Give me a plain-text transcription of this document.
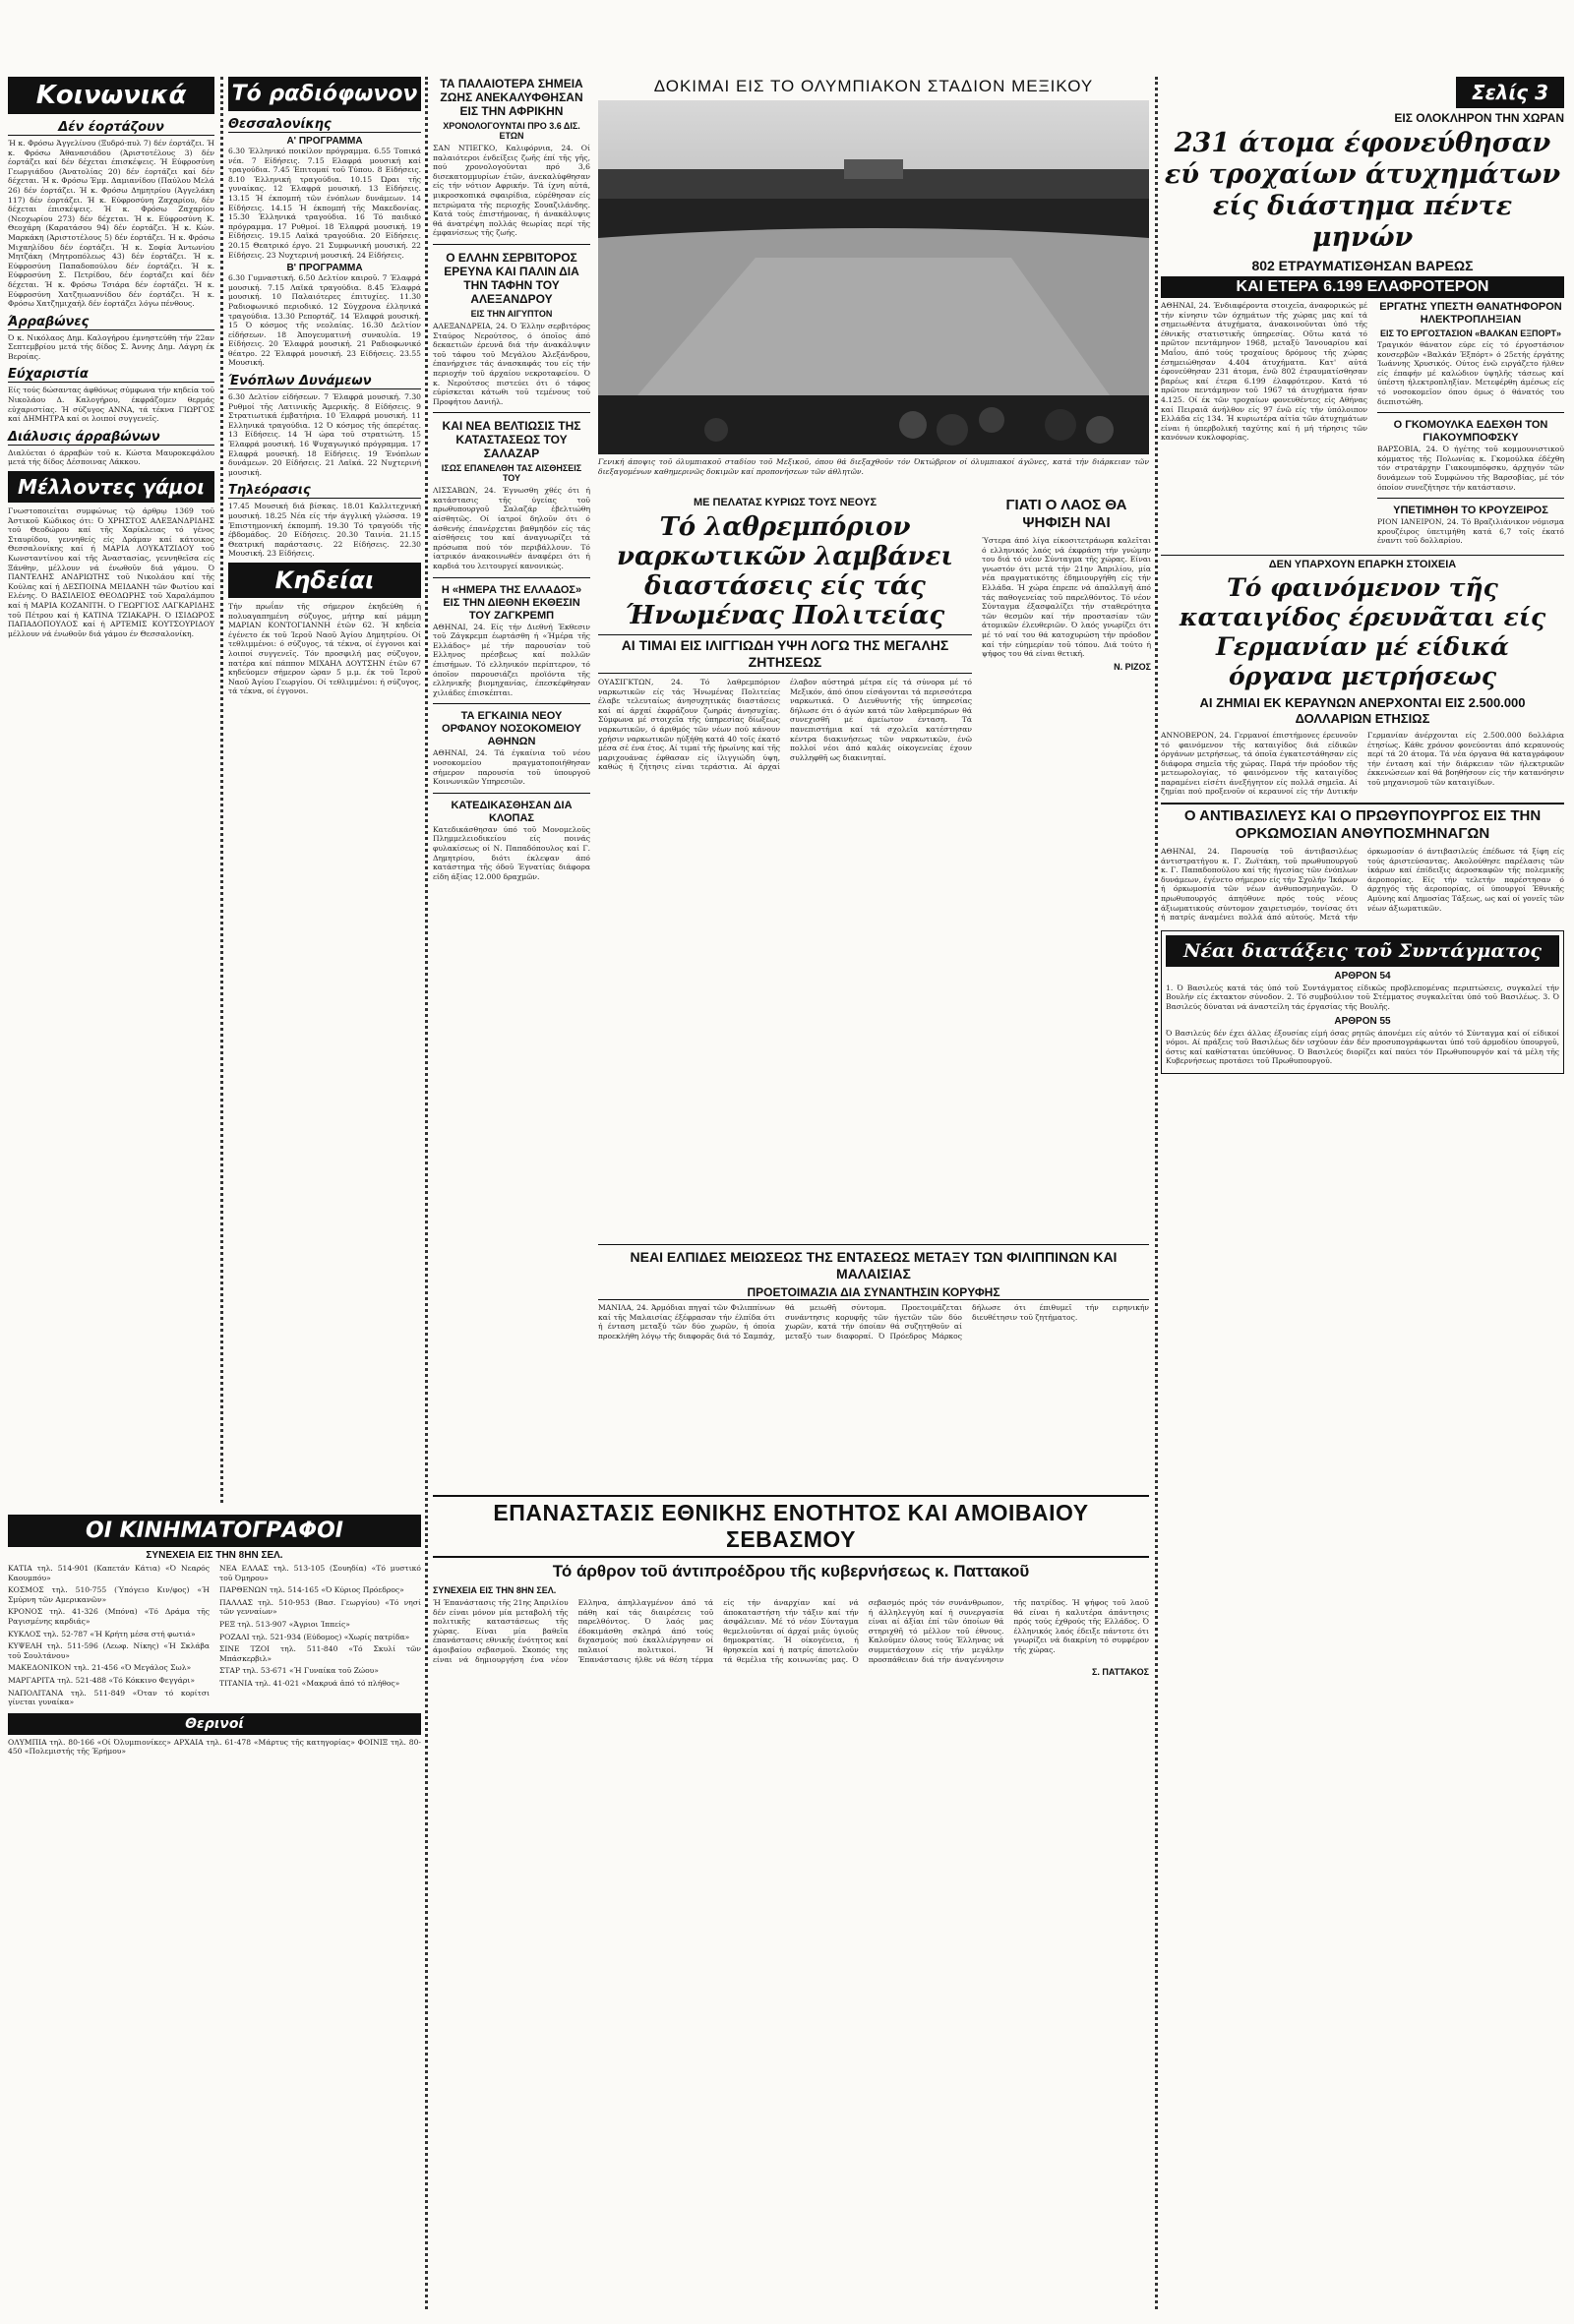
Κοινωνικά
Δέν έορτάζουν

Ή κ. Φρόσω Άγγελίνου (Ξυδρό-πυλ 7) δέν έορτάζει. Ή κ. Φρόσω Άθανασιάδου (Άριστοτέλους 3) δέν έορτάζει καί δέν δέχεται έπισκέψεις. Ή Εύφροσύνη Γεωργιάδου (Άνατολίας 20) δέν έορτάζει καί δέν δέχεται. Ή κ. Φρόσω Έμμ. Δαμιανίδου (Παύλου Μελά 26) δέν έορτάζει. Ή κ. Φρόσω Δημητρίου (Άγγελάκη 117) δέν έορτάζει. Ή κ. Εύφροσύνη Ζαχαρίου, δέν δέχεται έπισκέψεις. Ή κ. Φρόσω Ζαχαρίου (Νεοχωρίου 273) δέν δέχεται. Ή κ. Εύφροσύνη Κ. Θεοχάρη (Καρατάσου 94) δέν έορτάζει. Ή κ. Κών. Μαρκάκη (Άριστοτέλους 5) δέν έορτάζει. Ή κ. Φρόσω Μιχαηλίδου δέν έορτάζει. Ή κ. Σοφία Άντωνίου Μητζάκη (Μητροπόλεως 43) δέν έορτάζει. Ή κ. Εύφροσύνη Παπαδοπούλου δέν έορτάζει. Ή κ. Εύφροσύνη Σ. Πετρίδου, δέν έορτάζει καί δέν δέχεται. Ή κ. Φρόσω Τσιάρα δέν έορτάζει. Ή κ. Εύφροσύνη Χατζηιωαννίδου δέν έορτάζει. Ή κ. Φρόσω Χατζημιχαήλ δέν έορτάζει λόγω πένθους.

Άρραβώνες

Ό κ. Νικόλαος Δημ. Καλογήρου έμνηστεύθη τήν 22αν Σεπτεμβρίου μετά τής δίδος Σ. Άννης Δημ. Λάγρη έκ Βεροίας.

Εύχαριστία

Είς τούς δώσαντας άφθόνως σύμφωνα τήν κηδεία τοῦ Νικολάου Δ. Καλογήρου, έκφράζομεν θερμάς εὐχαριστίας. Ή σύζυγος ΑΝΝΑ, τά τέκνα ΓΙΩΡΓΟΣ καί ΔΗΜΗΤΡΑ καί οι λοιποί συγγενεῖς.

Διάλυσις άρραβώνων

Διαλύεται ό άρραβών τοῦ κ. Κώστα Μαυροκεφάλου μετά τής δίδος Δέσποινας Λάκκου.

Μέλλοντες γάμοι

Γνωστοποιείται συμφώνως τῷ άρθρῳ 1369 τοῦ Άστικοῦ Κώδικος ότι: Ό ΧΡΗΣΤΟΣ ΑΛΕΞΑΝΔΡΙΔΗΣ τοῦ Θεοδώρου καί τῆς Χαρίκλειας τό γένος Σταυρίδου, γεννηθείς είς Δράμαν καί κάτοικος Θεσσαλονίκης καί ή ΜΑΡΙΑ ΛΟΥΚΑΤΖΙΔΟΥ τοῦ Κωνσταντίνου καί τῆς Άναστασίας, γεννηθεῖσα είς Ξάνθην, μέλλουν νά ένωθοῦν διά γάμου. Ό ΠΑΝΤΕΛΗΣ ΑΝΔΡΙΩΤΗΣ τοῦ Νικολάου καί τῆς Κούλας καί ή ΔΕΣΠΟΙΝΑ ΜΕΙΔΑΝΗ τῶν Φωτίου καί Ελένης. Ό ΒΑΣΙΛΕΙΟΣ ΘΕΟΔΩΡΗΣ τοῦ Χαραλάμπου καί ή ΜΑΡΙΑ ΚΟΖΑΝΙΤΗ. Ό ΓΕΩΡΓΙΟΣ ΛΑΓΚΑΡΙΔΗΣ τοῦ Πέτρου καί ή ΚΑΤΙΝΑ ΤΖΙΑΚΑΡΗ. Ό ΙΣΙΔΩΡΟΣ ΠΑΠΑΔΟΠΟΥΛΟΣ καί ή ΑΡΤΕΜΙΣ ΚΟΥΤΣΟΥΡΙΔΟΥ μέλλουν νά ένωθοῦν διά γάμου έν Θεσσαλονίκη.

Τό ραδιόφωνον
Θεσσαλονίκης
Α' ΠΡΟΓΡΑΜΜΑ

6.30 Έλληνικό ποικίλον πρόγραμμα. 6.55 Τοπικά νέα. 7 Είδήσεις. 7.15 Ελαφρά μουσική καί τραγούδια. 7.45 Έπιτομαί τοῦ Τύπου. 8 Είδήσεις. 8.10 Έλληνική τραγούδια. 10.15 Ώραι τῆς γυναίκας. 12 Έλαφρά μουσική. 13 Είδήσεις. 13.15 Ή έκπομπή τῶν ένόπλων δυνάμεων. 14 Είδήσεις. 14.15 Ή έκπομπή τῆς Μακεδονίας. 15.30 Έλληνικά τραγούδια. 16 Τό παιδικό πρόγραμμα. 17 Ρυθμοί. 18 Έλαφρά μουσική. 19 Είδήσεις. 19.15 Λαϊκά τραγούδια. 20 Είδήσεις. 20.15 Θεατρικό έργο. 21 Συμφωνική μουσική. 22 Είδήσεις. 23 Νυχτερινή μουσική. 24 Είδήσεις.

Β' ΠΡΟΓΡΑΜΜΑ

6.30 Γυμναστική. 6.50 Δελτίον καιροῦ. 7 Έλαφρά μουσική. 7.15 Λαϊκά τραγούδια. 8.45 Έλαφρά μουσική. 10 Παλαιότερες έπιτυχίες. 11.30 Ραδιοφωνικό περιοδικό. 12 Σύγχρονα έλληνικά τραγούδια. 13.30 Ρεπορτάζ. 14 Έλαφρά μουσική. 15 Ό κόσμος τῆς νεολαίας. 16.30 Δελτίον είδήσεων. 18 Άπογευματινή συναυλία. 19 Είδήσεις. 20 Έλαφρά μουσική. 21 Ραδιοφωνικό θέατρο. 22 Έλαφρά μουσική. 23 Είδήσεις. 23.55 Μουσική.

Ένόπλων Δυνάμεων

6.30 Δελτίον είδήσεων. 7 Έλαφρά μουσική. 7.30 Ρυθμοί τῆς Λατινικῆς Άμερικῆς. 8 Είδήσεις. 9 Στρατιωτικά έμβατήρια. 10 Έλαφρά μουσική. 11 Ελληνικά τραγούδια. 12 Ό κόσμος τῆς όπερέτας. 13 Είδήσεις. 14 Ή ώρα τοῦ στρατιώτη. 15 Έλαφρά μουσική. 16 Ψυχαγωγικό πρόγραμμα. 17 Ελαφρά μουσική. 18 Είδήσεις. 19 Ένόπλων δυνάμεων. 20 Είδήσεις. 21 Λαϊκά. 22 Νυχτερινή μουσική.

Τηλεόρασις

17.45 Μουσική διά βίσκας. 18.01 Καλλιτεχνική μουσική. 18.25 Νέα είς τήν άγγλική γλώσσα. 19 Έπιστημονική έκπομπή. 19.30 Τό τραγούδι τῆς έβδομάδος. 20 Είδήσεις. 20.30 Ταινία. 21.15 Θεατρική παράστασις. 22 Είδήσεις. 22.30 Μουσική. 23 Είδήσεις.

Κηδείαι

Τήν πρωΐαν τῆς σήμερον ἐκηδεύθη ή πολυαγαπημένη σύζυγος, μήτηρ καί μάμμη ΜΑΡΙΑΝ ΚΟΝΤΟΓΙΑΝΝΗ έτῶν 62. Ή κηδεία έγένετο έκ τοῦ Ίεροῦ Ναοῦ Άγίου Δημητρίου. Οί τεθλιμμένοι: ό σύζυγος, τά τέκνα, οί έγγονοι καί λοιποί συγγενεῖς. Τόν προσφιλή μας σύζυγον, πατέρα καί πάππον ΜΙΧΑΗΛ ΔΟΥΤΣΗΝ έτῶν 67 κηδεύομεν σήμερον ώραν 5 μ.μ. έκ τοῦ Ίεροῦ Ναοῦ Άγίου Γεωργίου. Οί τεθλιμμένοι: ή σύζυγος, τά τέκνα, οί έγγονοι.

ΟΙ ΚΙΝΗΜΑΤΟΓΡΑΦΟΙ
ΣΥΝΕΧΕΙΑ ΕΙΣ ΤΗΝ 8ΗΝ ΣΕΛ.
ΚΑΤΙΑ τηλ. 514-901 (Καπετάν Κάτια) «Ό Νεαρός Καουμπόυ»
ΚΟΣΜΟΣ τηλ. 510-755 (Ύπόγειο Κιν/φος) «Ή Σμύρνη τῶν Αμερικανῶν»
ΚΡΟΝΟΣ τηλ. 41-326 (Μπόνα) «Τό Δράμα τῆς Ραγισμένης καρδιάς»
ΚΥΚΛΟΣ τηλ. 52-787 «Ή Κρήτη μέσα στή φωτιά»
ΚΥΨΕΛΗ τηλ. 511-596 (Λεωφ. Νίκης) «Ή Σκλάβα τοῦ Σουλτάνου»
ΜΑΚΕΔΟΝΙΚΟΝ τηλ. 21-456 «Ό Μεγάλος Σωλ»
ΜΑΡΓΑΡΙΤΑ τηλ. 521-488 «Τό Κόκκινο Φεγγάρι»
ΝΑΠΟΛΙΤΑΝΑ τηλ. 511-849 «Όταν τό κορίτσι γίνεται γυναίκα»
ΝΕΑ ΕΛΛΑΣ τηλ. 513-105 (Σουηδία) «Τό μυστικό τοῦ Όμηρου»
ΠΑΡΘΕΝΩΝ τηλ. 514-165 «Ό Κύριος Πρόεδρος»
ΠΑΛΛΑΣ τηλ. 510-953 (Βασ. Γεωργίου) «Τό νησί τῶν γενναίων»
ΡΕΞ τηλ. 513-907 «Άγριοι Ίππείς»
ΡΟΖΑΛΙ τηλ. 521-934 (Εύδομος) «Χωρίς πατρίδα»
ΣΙΝΕ ΤΖΟΙ τηλ. 511-840 «Τό Σκυλί τῶν Μπάσκερβιλ»
ΣΤΑΡ τηλ. 53-671 «Ή Γυναίκα τοῦ Ζώου»
ΤΙΤΑΝΙΑ τηλ. 41-021 «Μακρυά ἀπό τό πλήθος»
Θερινοί

ΟΛΥΜΠΙΑ τηλ. 80-166 «Οί Όλυμπιονίκες» ΑΡΧΑΙΑ τηλ. 61-478 «Μάρτυς τῆς κατηγορίας» ΦΟΙΝΙΞ τηλ. 80-450 «Πολεμιστής τῆς Έρήμου»

ΤΑ ΠΑΛΑΙΟΤΕΡΑ ΣΗΜΕΙΑ ΖΩΗΣ ΑΝΕΚΑΛΥΦΘΗΣΑΝ ΕΙΣ ΤΗΝ ΑΦΡΙΚΗΝ
ΧΡΟΝΟΛΟΓΟΥΝΤΑΙ ΠΡΟ 3.6 ΔΙΣ. ΕΤΩΝ

ΣΑΝ ΝΤΙΕΓΚΟ, Καλιφόρνια, 24. Οί παλαιότεροι ένδείξεις ζωῆς έπί τῆς γῆς, πού χρονολογοῦνται πρό 3,6 δισεκατομμυρίων έτῶν, άνεκαλύφθησαν είς τήν νότιον Αφρικήν. Τά ίχνη αὐτά, μικροσκοπικά σφαιρίδια, εύρέθησαν είς πετρώματα τῆς περιοχῆς Σουαζιλάνδης. Κατά τούς ἐπιστήμονας, ή άνακάλυψις θά άνατρέψη πολλάς θεωρίας περί τῆς έμφανίσεως τῆς ζωής.

Ο ΕΛΛΗΝ ΣΕΡΒΙΤΟΡΟΣ ΕΡΕΥΝΑ ΚΑΙ ΠΑΛΙΝ ΔΙΑ ΤΗΝ ΤΑΦΗΝ ΤΟΥ ΑΛΕΞΑΝΔΡΟΥ
ΕΙΣ ΤΗΝ ΑΙΓΥΠΤΟΝ

ΑΛΕΞΑΝΔΡΕΙΑ, 24. Ό Έλλην σερβιτόρος Σταύρος Νερούτσος, ό όποῖος άπό δεκαετιῶν έρευνᾶ διά τήν άνακάλυψιν τοῦ τάφου τοῦ Μεγάλου Άλεξάνδρου, έπανήρχισε τάς άνασκαφάς του είς τήν περιοχήν τοῦ άρχαίου νεκροταφείου. Ό κ. Νερούτσος πιστεύει ότι ό τάφος εύρίσκεται κάτωθι τοῦ τεμένους τοῦ Προφήτου Δανιήλ.

ΚΑΙ ΝΕΑ ΒΕΛΤΙΩΣΙΣ ΤΗΣ ΚΑΤΑΣΤΑΣΕΩΣ ΤΟΥ ΣΑΛΑΖΑΡ
ΙΣΩΣ ΕΠΑΝΕΛΘΗ ΤΑΣ ΑΙΣΘΗΣΕΙΣ ΤΟΥ

ΛΙΣΣΑΒΩΝ, 24. Έγνωσθη χθές ότι ή κατάστασις τῆς ύγείας τοῦ πρωθυπουργοῦ Σαλαζάρ ἐβελτιώθη αίσθητῶς. Οί ίατροί δηλοῦν ότι ό άσθενής έπανέρχεται βαθμηδόν είς τάς αίσθήσεις του καί άναγνωρίζει τά πρόσωπα πού τόν περιβάλλουν. Τό ίατρικόν άνακοινωθέν άναφέρει ότι ή καρδιά του λειτουργεί κανονικώς.

Η «ΗΜΕΡΑ ΤΗΣ ΕΛΛΑΔΟΣ» ΕΙΣ ΤΗΝ ΔΙΕΘΝΗ ΕΚΘΕΣΙΝ ΤΟΥ ΖΑΓΚΡΕΜΠ

ΑΘΗΝΑΙ, 24. Είς τήν Διεθνή Έκθεσιν τοῦ Ζάγκρεμπ έωρτάσθη ή «Ήμέρα τῆς Ελλάδος» μέ τήν παρουσίαν τοῦ Ελληνος πρέσβεως καί πολλῶν έπισήμων. Τό ελληνικόν περίπτερον, τό όποῖον παρουσιάζει προϊόντα τῆς ελληνικῆς βιομηχανίας, έπεσκέφθησαν χιλιάδες έπισκέπται.

ΤΑ ΕΓΚΑΙΝΙΑ ΝΕΟΥ ΟΡΦΑΝΟΥ ΝΟΣΟΚΟΜΕΙΟΥ ΑΘΗΝΩΝ

ΑΘΗΝΑΙ, 24. Τά έγκαίνια τοῦ νέου νοσοκομείου πραγματοποιήθησαν σήμερον παρουσία τοῦ ύπουργοῦ Κοινωνικῶν Υπηρεσιῶν.

ΚΑΤΕΔΙΚΑΣΘΗΣΑΝ ΔΙΑ ΚΛΟΠΑΣ

Κατεδικάσθησαν ύπό τοῦ Μονομελοῦς Πλημμελειοδικείου είς ποινάς φυλακίσεως οί Ν. Παπαδόπουλος καί Γ. Δημητρίου, διότι έκλεψαν άπό κατάστημα τῆς όδοῦ Έγνατίας διάφορα είδη άξίας 12.000 δραχμῶν.

ΔΟΚΙΜΑΙ ΕΙΣ ΤΟ ΟΛΥΜΠΙΑΚΟΝ ΣΤΑΔΙΟΝ ΜΕΞΙΚΟΥ

Γενική άποψις τοῦ όλυμπιακοῦ σταδίου τοῦ Μεξικοῦ, όπου θά διεξαχθοῦν τόν Όκτώβριον οί όλυμπιακοί άγῶνες, κατά τήν διάρκειαν τῶν διεξαγομένων καθημερινῶς δοκιμῶν καί προπονήσεων τῶν άθλητῶν.

ΜΕ ΠΕΛΑΤΑΣ ΚΥΡΙΩΣ ΤΟΥΣ ΝΕΟΥΣ
Τό λαθρεμπόριον ναρκωτικῶν λαμβάνει διαστάσεις είς τάς Ήνωμένας Πολιτείας
ΑΙ ΤΙΜΑΙ ΕΙΣ ΙΛΙΓΓΙΩΔΗ ΥΨΗ ΛΟΓΩ ΤΗΣ ΜΕΓΑΛΗΣ ΖΗΤΗΣΕΩΣ

ΟΥΑΣΙΓΚΤΩΝ, 24. Τό λαθρεμπόριον ναρκωτικῶν είς τάς Ήνωμένας Πολιτείας έλαβε τελευταίως άνησυχητικάς διαστάσεις καί αί άρχαί έκφράζουν ζωηράς άνησυχίας. Σύμφωνα μέ στοιχεῖα τῆς ύπηρεσίας δίωξεως ναρκωτικῶν, ό άριθμός τῶν νέων πού κάνουν χρήσιν ναρκωτικῶν ηύξήθη κατά 40 τοῖς έκατό μέσα σέ ένα έτος. Αί τιμαί τῆς ήρωίνης καί τῆς μαριχουάνας έφθασαν είς ίλιγγιώδη ύψη, καθώς ή ζήτησις είναι τεράστια. Αί άρχαί έλαβον αύστηρά μέτρα είς τά σύνορα μέ τό Μεξικόν, άπό όπου είσάγονται τά περισσότερα ναρκωτικά. Ό Διευθυντής τῆς ύπηρεσίας δήλωσε ότι ό άγών κατά τῶν λαθρεμπόρων θά συνεχισθῆ μέ άμείωτον ένταση. Τά πανεπιστήμια καί τά σχολεῖα κατέστησαν κέντρα διακινήσεως τῶν ναρκωτικῶν, ένῶ πολλοί νέοι άπό καλάς οίκογενείας έχουν συλληφθῆ ως διακινηταί.

ΓΙΑΤΙ Ο ΛΑΟΣ ΘΑ ΨΗΦΙΣΗ ΝΑΙ

Ύστερα άπό λίγα είκοσιτετράωρα καλεῖται ό ελληνικός λαός νά έκφράση τήν γνώμην του διά τό νέον Σύνταγμα τῆς χώρας. Είναι γνωστόν ότι μετά τήν 21ην Άπριλίου, μία νέα πραγματικότης έδημιουργήθη είς τήν Ελλάδα. Ή χώρα έπρεπε νά άπαλλαγῆ άπό τάς παθογενείας τοῦ παρελθόντος. Τό νέον Σύνταγμα έξασφαλίζει τήν σταθερότητα τῶν θεσμῶν καί τήν προστασίαν τῶν άτομικῶν έλευθεριῶν. Ό λαός γνωρίζει ότι μέ τό ναί του θά κατοχυρώση τήν πρόοδον καί τήν εύημερίαν τοῦ τόπου. Διά τούτο ή ψήφος του θά είναι θετική.

Ν. ΡΙΖΟΣ
ΝΕΑΙ ΕΛΠΙΔΕΣ ΜΕΙΩΣΕΩΣ ΤΗΣ ΕΝΤΑΣΕΩΣ ΜΕΤΑΞΥ ΤΩΝ ΦΙΛΙΠΠΙΝΩΝ ΚΑΙ ΜΑΛΑΙΣΙΑΣ
ΠΡΟΕΤΟΙΜΑΖΙΑ ΔΙΑ ΣΥΝΑΝΤΗΣΙΝ ΚΟΡΥΦΗΣ

ΜΑΝΙΛΑ, 24. Άρμόδιαι πηγαί τῶν Φιλιππίνων καί τῆς Μαλαισίας έξέφρασαν τήν έλπίδα ότι ή ένταση μεταξύ τῶν δύο χωρῶν, ή όποία προεκλήθη λόγῳ τῆς διαφορᾶς διά τό Σαμπάχ, θά μειωθῆ σύντομα. Προετοιμάζεται συνάντησις κορυφῆς τῶν ήγετῶν τῶν δύο χωρῶν, κατά τήν όποίαν θά συζητηθοῦν αί μεταξύ των διαφοραί. Ό Πρόεδρος Μάρκος δήλωσε ότι έπιθυμεῖ τήν ειρηνικήν διευθέτησιν τοῦ ζητήματος.

ΕΠΑΝΑΣΤΑΣΙΣ ΕΘΝΙΚΗΣ ΕΝΟΤΗΤΟΣ ΚΑΙ ΑΜΟΙΒΑΙΟΥ ΣΕΒΑΣΜΟΥ
Τό άρθρον τοῦ άντιπροέδρου τῆς κυβερνήσεως κ. Παττακοῦ
ΣΥΝΕΧΕΙΑ ΕΙΣ ΤΗΝ 8ΗΝ ΣΕΛ.

Ή Έπανάστασις τῆς 21ης Άπριλίου δέν είναι μόνον μία μεταβολή τῆς πολιτικῆς καταστάσεως τῆς χώρας. Είναι μία βαθεῖα έπανάστασις εθνικῆς ένότητος καί άμοιβαίου σεβασμοῦ. Σκοπός της είναι νά δημιουργήση ένα νέον Ελληνα, άπηλλαγμένον άπό τά πάθη καί τάς διαιρέσεις τοῦ παρελθόντος. Ό λαός μας έδοκιμάσθη σκληρά άπό τούς διχασμούς πού έκαλλιέργησαν οί παλαιοί πολιτικοί. Ή Έπανάστασις ήλθε νά θέση τέρμα είς τήν άναρχίαν καί νά άποκαταστήση τήν τάξιν καί τήν άσφάλειαν. Μέ τό νέον Σύνταγμα θεμελιοῦνται οί άρχαί μιᾶς ύγιοῦς δημοκρατίας. Ή οίκογένεια, ή θρησκεία καί ή πατρίς άποτελοῦν τά θεμέλια τῆς κοινωνίας μας. Ό σεβασμός πρός τόν συνάνθρωπον, ή άλληλεγγύη καί ή συνεργασία είναι αί άξίαι έπί τῶν όποίων θά στηριχθῆ τό μέλλον τοῦ έθνους. Καλοῦμεν όλους τούς Έλληνας νά συμμετάσχουν είς τήν μεγάλην προσπάθειαν διά τήν άναγέννησιν τῆς πατρίδος. Ή ψήφος τοῦ λαοῦ θά είναι ή καλυτέρα άπάντησις πρός τούς έχθρούς τῆς Ελλάδος. Ό έλληνικός λαός έδειξε πάντοτε ότι γνωρίζει νά διακρίνη τό συμφέρον τῆς χώρας.

Σ. ΠΑΤΤΑΚΟΣ
Σελίς 3
ΕΙΣ ΟΛΟΚΛΗΡΟΝ ΤΗΝ ΧΩΡΑΝ
231 άτομα έφονεύθησαν εύ τροχαίων άτυχημάτων είς διάστημα πέντε μηνών
802 ΕΤΡΑΥΜΑΤΙΣΘΗΣΑΝ ΒΑΡΕΩΣ
ΚΑΙ ΕΤΕΡΑ 6.199 ΕΛΑΦΡΟΤΕΡΟΝ

ΑΘΗΝΑΙ, 24. Ένδιαφέροντα στοιχεῖα, άναφορικώς μέ τήν κίνησιν τῶν όχημάτων τῆς χώρας μας καί τά σημειωθέντα άτυχήματα, άνακοινοῦνται ύπό τῆς έθνικῆς στατιστικῆς ύπηρεσίας. Οὕτω κατά τό πρῶτον πεντάμηνον 1968, μεταξύ Ίανουαρίου καί Μαΐου, άπό τούς τροχαίους δρόμους τῆς χώρας έσημειώθησαν 4.404 άτυχήματα. Κατ' αὐτά έφονεύθησαν 231 άτομα, ένῶ 802 έτραυματίσθησαν βαρέως καί έτερα 6.199 έλαφρότερον. Κατά τό πρῶτον πεντάμηνον τοῦ 1967 τά άτυχήματα ήσαν 4.125. Οί έκ τῶν τροχαίων φονευθέντες είς Αθήνας καί Πειραιᾶ άνήλθον είς 97 ένῶ είς τήν ύπόλοιπον Ελλάδα είς 134. Ή κυριωτέρα αίτία τῶν άτυχημάτων είναι ή ύπερβολική ταχύτης καί ή μή τήρησις τῶν κανόνων κυκλοφορίας.

ΕΡΓΑΤΗΣ ΥΠΕΣΤΗ ΘΑΝΑΤΗΦΟΡΟΝ ΗΛΕΚΤΡΟΠΛΗΞΙΑΝ
ΕΙΣ ΤΟ ΕΡΓΟΣΤΑΣΙΟΝ «ΒΑΛΚΑΝ ΕΞΠΟΡΤ»

Τραγικόν θάνατον εύρε είς τό έργοστάσιον κονσερβῶν «Βαλκάν Έξπόρτ» ό 25ετής έργάτης Ίωάννης Χρυσικός. Ούτος ένῶ ειργάζετο ήλθεν είς έπαφήν μέ καλώδιον ύψηλῆς τάσεως καί ύπέστη ήλεκτροπληξίαν. Μετεφέρθη άμέσως είς τό νοσοκομεῖον όπου όμως ό θάνατός του διεπιστώθη.

Ο ΓΚΟΜΟΥΛΚΑ ΕΔΕΧΘΗ ΤΟΝ ΓΙΑΚΟΥΜΠΟΦΣΚΥ

ΒΑΡΣΟΒΙΑ, 24. Ό ήγέτης τοῦ κομμουνιστικοῦ κόμματος τῆς Πολωνίας κ. Γκομούλκα έδέχθη τόν στρατάρχην Γιακουμπόφσκυ, άρχηγόν τῶν δυνάμεων τοῦ Συμφώνου τῆς Βαρσοβίας, μέ τόν όποίον συνεζήτησε τήν κατάστασιν.

ΥΠΕΤΙΜΗΘΗ ΤΟ ΚΡΟΥΖΕΙΡΟΣ

ΡΙΟΝ ΙΑΝΕΙΡΟΝ, 24. Τό Βραζιλιάνικον νόμισμα κρουζέιρος ύπετιμήθη κατά 6,7 τοῖς έκατό έναντι τοῦ δολλαρίου.

ΔΕΝ ΥΠΑΡΧΟΥΝ ΕΠΑΡΚΗ ΣΤΟΙΧΕΙΑ
Τό φαινόμενον τῆς καταιγίδος έρευνᾶται είς Γερμανίαν μέ είδικά όργανα μετρήσεως
ΑΙ ΖΗΜΙΑΙ ΕΚ ΚΕΡΑΥΝΩΝ ΑΝΕΡΧΟΝΤΑΙ ΕΙΣ 2.500.000 ΔΟΛΛΑΡΙΩΝ ΕΤΗΣΙΩΣ

ΑΝΝΟΒΕΡΟΝ, 24. Γερμανοί έπιστήμονες έρευνοῦν τό φαινόμενον τῆς καταιγίδος διά είδικῶν όργάνων μετρήσεως, τά όποῖα έγκατεστάθησαν είς διάφορα σημεῖα τῆς χώρας. Παρά τήν πρόοδον τῆς μετεωρολογίας, τό φαινόμενον τῆς καταιγίδος παραμένει είσέτι άνεξήγητον είς πολλά σημεῖα. Αί ζημίαι πού προξενοῦν οί κεραυνοί είς τήν Δυτικήν Γερμανίαν άνέρχονται είς 2.500.000 δολλάρια έτησίως. Κάθε χρόνον φονεύονται άπό κεραυνούς περί τά 20 άτομα. Τά νέα όργανα θά καταγράφουν τήν ένταση καί τήν διάρκειαν τῶν ήλεκτρικῶν έκκενώσεων καί θά βοηθήσουν είς τήν κατανόησιν τοῦ μηχανισμοῦ τῶν καταιγίδων.

Ο ΑΝΤΙΒΑΣΙΛΕΥΣ ΚΑΙ Ο ΠΡΩΘΥΠΟΥΡΓΟΣ ΕΙΣ ΤΗΝ ΟΡΚΩΜΟΣΙΑΝ ΑΝΘΥΠΟΣΜΗΝΑΓΩΝ

ΑΘΗΝΑΙ, 24. Παρουσίᾳ τοῦ άντιβασιλέως άντιστρατήγου κ. Γ. Ζωϊτάκη, τοῦ πρωθυπουργοῦ κ. Γ. Παπαδοπούλου καί τῆς ήγεσίας τῶν ένόπλων δυνάμεων, έγένετο σήμερον είς τήν Σχολήν Ίκάρων ή όρκωμοσία τῶν νέων άνθυποσμηναγῶν. Ό πρωθυπουργός άπηύθυνε πρός τούς νέους άξιωματικούς σύντομον χαιρετισμόν, τονίσας ότι ή πατρίς άναμένει πολλά άπό αὐτούς. Μετά τήν όρκωμοσίαν ό άντιβασιλεύς έπέδωσε τά ξίφη είς τούς άριστεύσαντας. Ακολούθησε παρέλασις τῶν ίκάρων καί έπίδειξις άεροσκαφῶν τῆς πολεμικῆς άεροπορίας. Είς τήν τελετήν παρέστησαν ό άρχηγός τῆς άεροπορίας, οί ύπουργοί Έθνικῆς Αμύνης καί Δημοσίας Τάξεως, ως καί οί γονεῖς τῶν νέων άξιωματικῶν.

Νέαι διατάξεις τοῦ Συντάγματος
ΑΡΘΡΟΝ 54

1. Ό Βασιλεύς κατά τάς ύπό τοῦ Συντάγματος είδικῶς προβλεπομένας περιπτώσεις, συγκαλεί τήν Βουλήν είς έκτακτον σύνοδον. 2. Τό συμβούλιον τοῦ Στέμματος συγκαλεῖται ύπό τοῦ Βασιλέως. 3. Ό Βασιλεύς δύναται νά άναστείλη τάς έργασίας τῆς Βουλῆς.

ΑΡΘΡΟΝ 55

Ό Βασιλεύς δέν έχει άλλας έξουσίας είμή όσας ρητῶς άπονέμει είς αὐτόν τό Σύνταγμα καί οί είδικοί νόμοι. Αί πράξεις τοῦ Βασιλέως δέν ισχύουν έάν δέν προσυπογράφωνται ύπό τοῦ άρμοδίου ύπουργοῦ, όστις καί καθίσταται ύπεύθυνος. Ό Βασιλεύς διορίζει καί παύει τόν Πρωθυπουργόν καί τά μέλη τῆς Κυβερνήσεως προτάσει τοῦ Πρωθυπουργοῦ.
